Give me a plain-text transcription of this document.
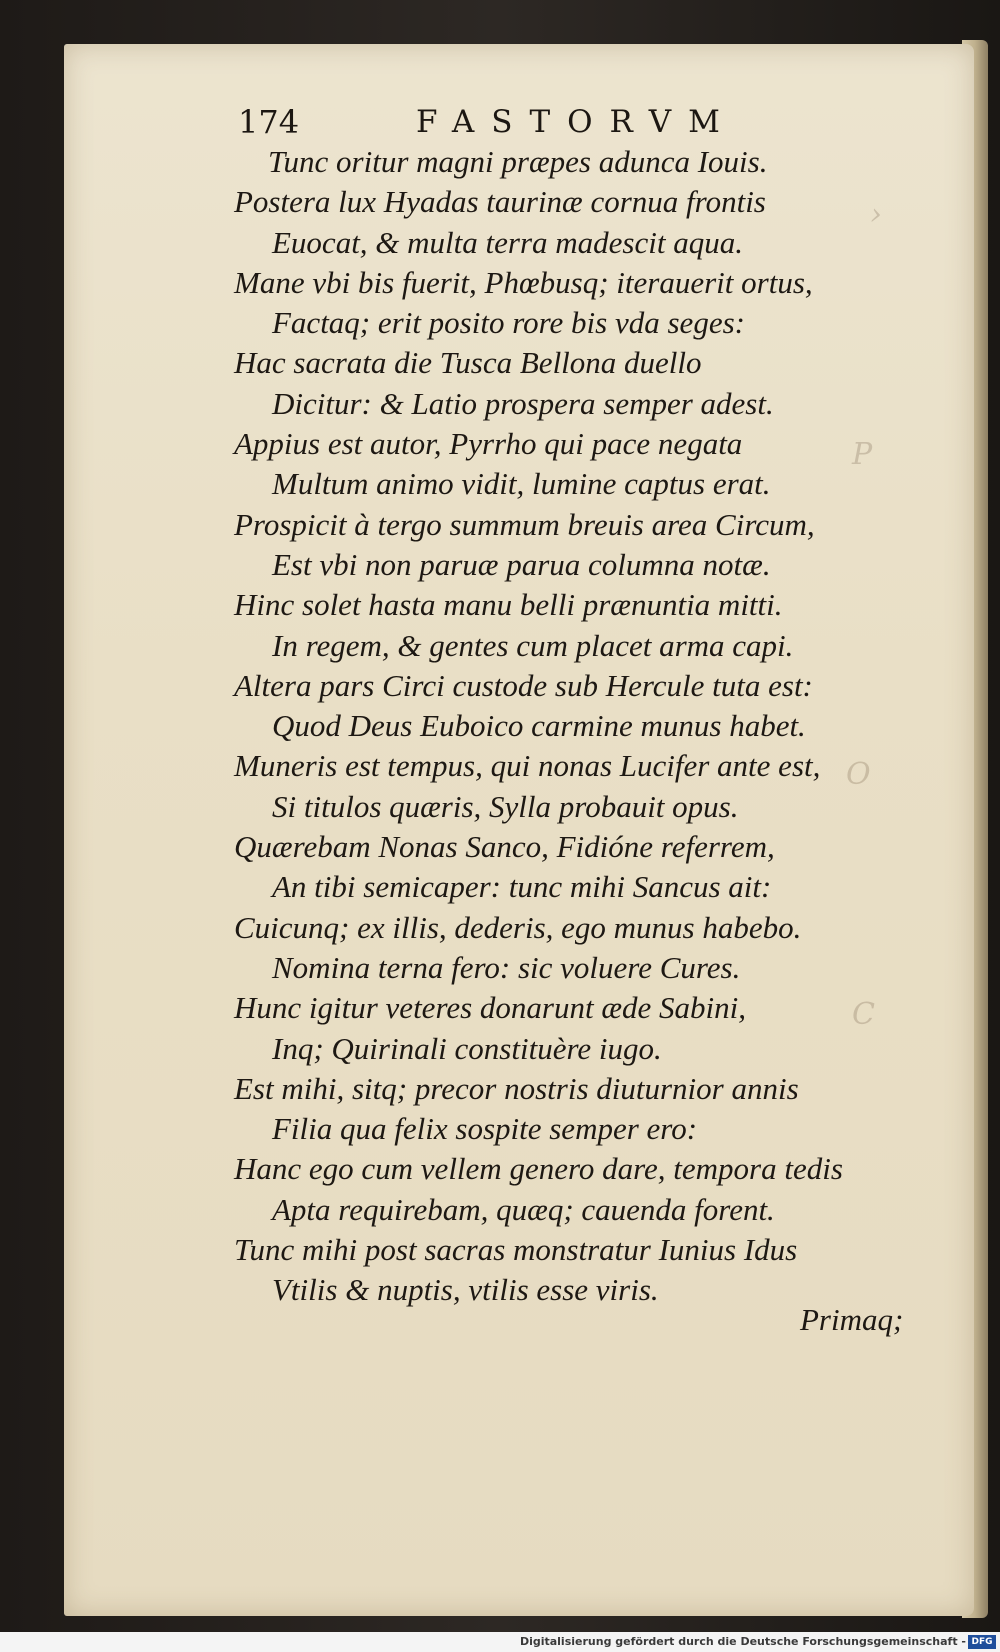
›
P
O
C
174	FASTORVM
Tunc oritur magni præpes adunca Iouis.
Postera lux Hyadas taurinæ cornua frontis
Euocat, & multa terra madescit aqua.
Mane vbi bis fuerit, Phœbusq; iterauerit ortus,
Factaq; erit posito rore bis vda seges:
Hac sacrata die Tusca Bellona duello
Dicitur: & Latio prospera semper adest.
Appius est autor, Pyrrho qui pace negata
Multum animo vidit, lumine captus erat.
Prospicit à tergo summum breuis area Circum,
Est vbi non paruæ parua columna notæ.
Hinc solet hasta manu belli prænuntia mitti.
In regem, & gentes cum placet arma capi.
Altera pars Circi custode sub Hercule tuta est:
Quod Deus Euboico carmine munus habet.
Muneris est tempus, qui nonas Lucifer ante est,
Si titulos quæris, Sylla probauit opus.
Quærebam Nonas Sanco, Fidióne referrem,
An tibi semicaper: tunc mihi Sancus ait:
Cuicunq; ex illis, dederis, ego munus habebo.
Nomina terna fero: sic voluere Cures.
Hunc igitur veteres donarunt æde Sabini,
Inq; Quirinali constituère iugo.
Est mihi, sitq; precor nostris diuturnior annis
Filia qua felix sospite semper ero:
Hanc ego cum vellem genero dare, tempora tedis
Apta requirebam, quæq; cauenda forent.
Tunc mihi post sacras monstratur Iunius Idus
Vtilis & nuptis, vtilis esse viris.
Primaq;
Digitalisierung gefördert durch die Deutsche Forschungsgemeinschaft - DFG
